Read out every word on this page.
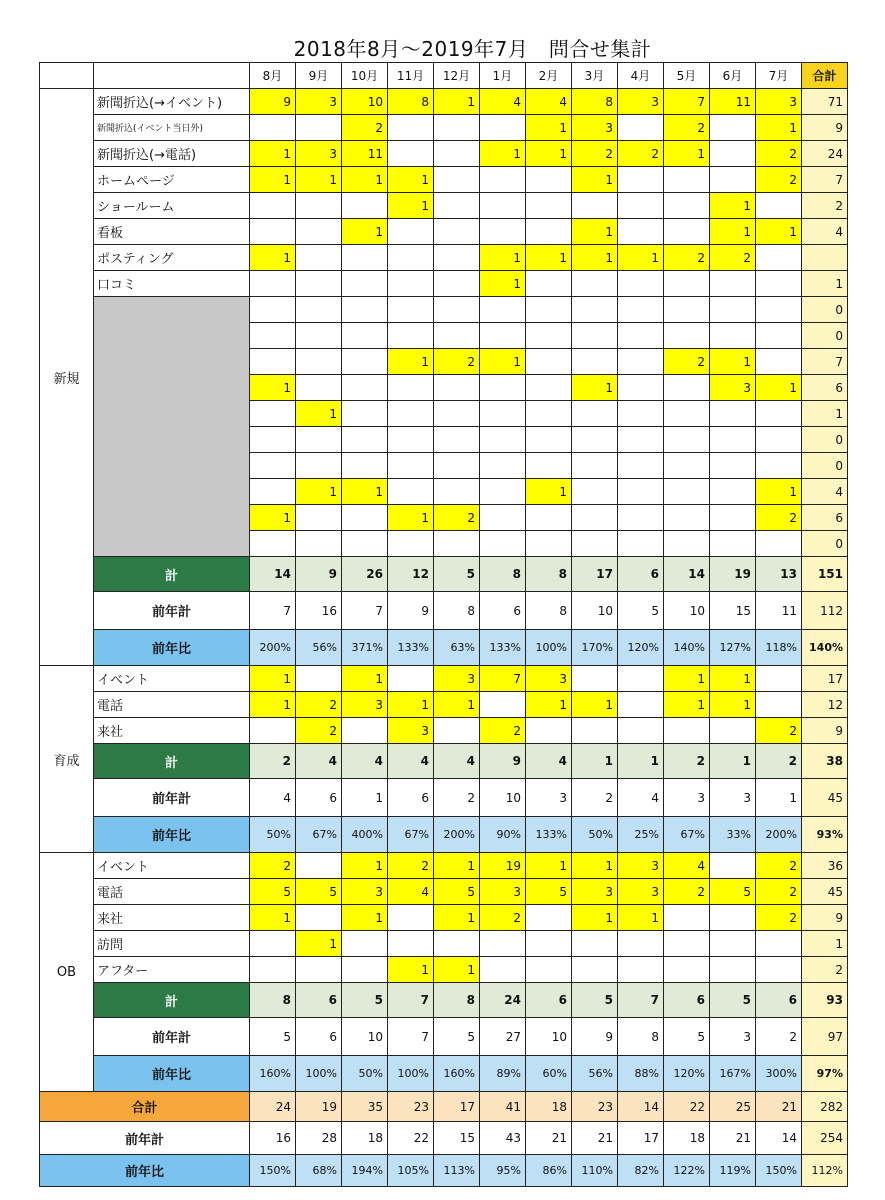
2018年8月～2019年7月　問合せ集計
		8月	9月	10月	11月	12月	1月	2月	3月	4月	5月	6月	7月	合計
新規	新聞折込(→イベント)	9	3	10	8	1	4	4	8	3	7	11	3	71
	新聞折込(イベント当日外)			2				1	3		2		1	9
	新聞折込(→電話)	1	3	11			1	1	2	2	1		2	24
	ホームページ	1	1	1	1				1				2	7
	ショールーム				1							1		2
	看板			1					1			1	1	4
	ポスティング	1					1	1	1	1	2	2		
	口コミ						1							1
														0
														0
					1	2	1				2	1		7
		1							1			3	1	6
			1											1
														0
														0
			1	1				1					1	4
		1			1	2							2	6
														0
	計	14	9	26	12	5	8	8	17	6	14	19	13	151
	前年計	7	16	7	9	8	6	8	10	5	10	15	11	112
	前年比	200%	56%	371%	133%	63%	133%	100%	170%	120%	140%	127%	118%	140%
育成	イベント	1		1		3	7	3			1	1		17
	電話	1	2	3	1	1		1	1		1	1		12
	来社		2		3		2						2	9
	計	2	4	4	4	4	9	4	1	1	2	1	2	38
	前年計	4	6	1	6	2	10	3	2	4	3	3	1	45
	前年比	50%	67%	400%	67%	200%	90%	133%	50%	25%	67%	33%	200%	93%
OB	イベント	2		1	2	1	19	1	1	3	4		2	36
	電話	5	5	3	4	5	3	5	3	3	2	5	2	45
	来社	1		1		1	2		1	1			2	9
	訪問		1											1
	アフター				1	1								2
	計	8	6	5	7	8	24	6	5	7	6	5	6	93
	前年計	5	6	10	7	5	27	10	9	8	5	3	2	97
	前年比	160%	100%	50%	100%	160%	89%	60%	56%	88%	120%	167%	300%	97%
合計		24	19	35	23	17	41	18	23	14	22	25	21	282
前年計		16	28	18	22	15	43	21	21	17	18	21	14	254
前年比		150%	68%	194%	105%	113%	95%	86%	110%	82%	122%	119%	150%	112%
